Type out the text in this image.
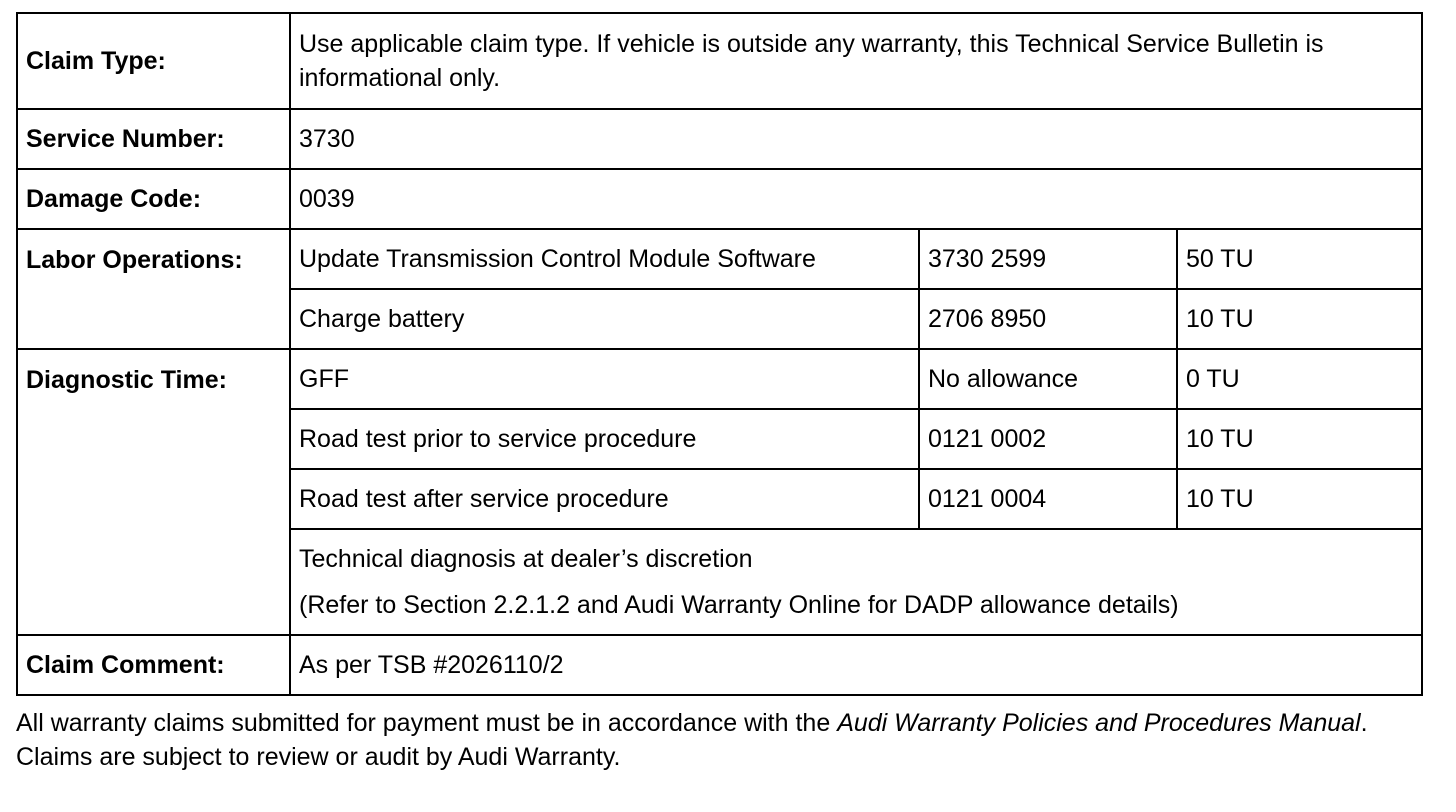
Claim Type:	Use applicable claim type. If vehicle is outside any warranty, this Technical Service Bulletin is informational only.		
Service Number:	3730		
Damage Code:	0039		
Labor Operations:	Update Transmission Control Module Software	3730 2599	50 TU
	Charge battery	2706 8950	10 TU
Diagnostic Time:	GFF	No allowance	0 TU
	Road test prior to service procedure	0121 0002	10 TU
	Road test after service procedure	0121 0004	10 TU

	Technical diagnosis at dealer’s discretion
(Refer to Section 2.2.1.2 and Audi Warranty Online for DADP allowance details)		

Claim Comment:	As per TSB #2026110/2		

All warranty claims submitted for payment must be in accordance with the Audi Warranty Policies and Procedures Manual. Claims are subject to review or audit by Audi Warranty.
